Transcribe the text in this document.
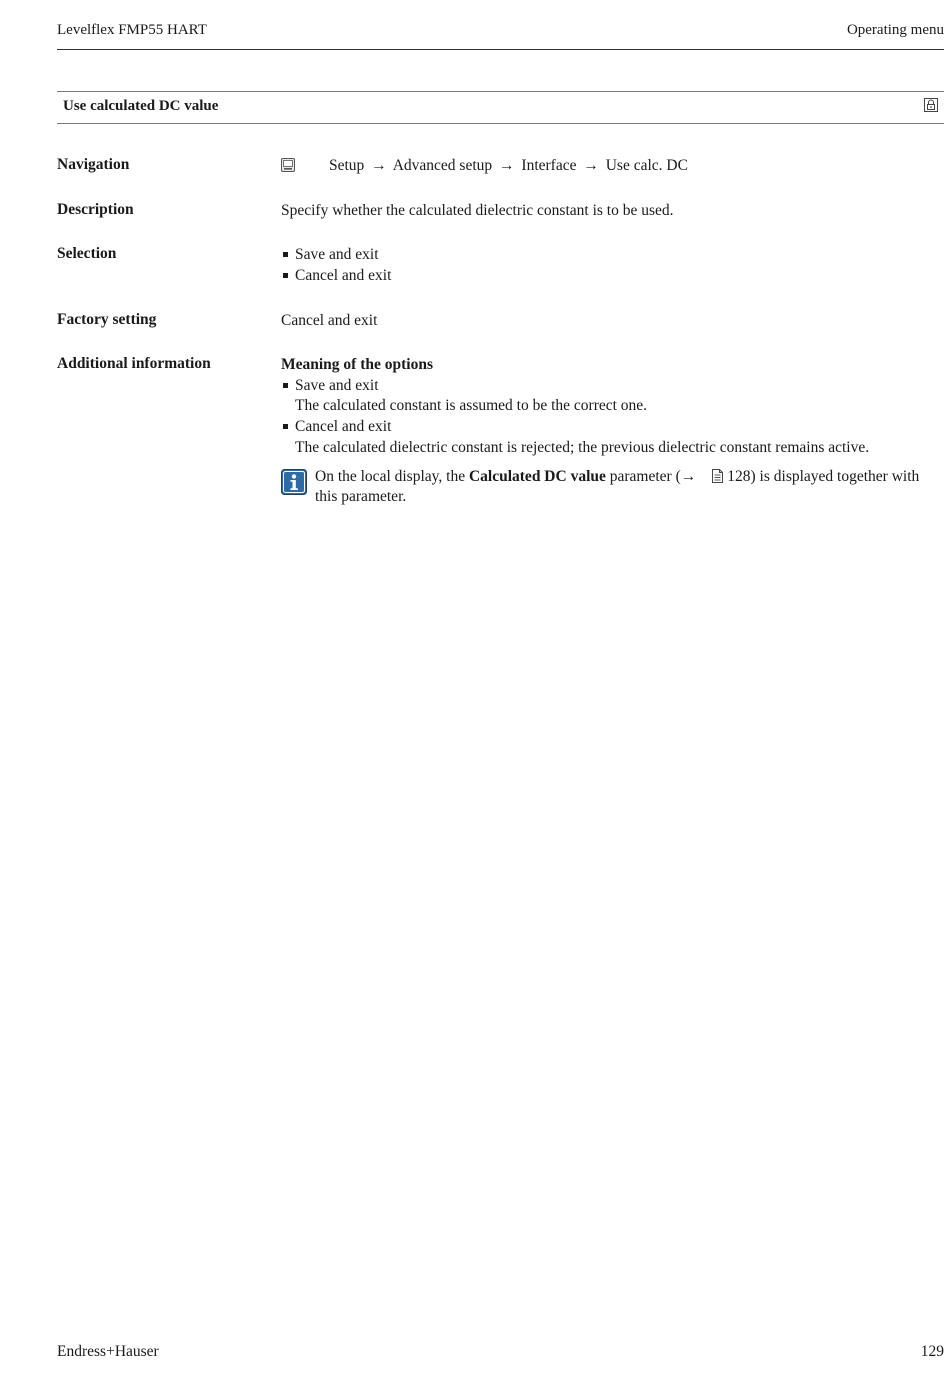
Levelflex FMP55 HART	Operating menu
Use calculated DC value
Navigation	Setup → Advanced setup → Interface → Use calc. DC
Description	Specify whether the calculated dielectric constant is to be used.
Selection	Save and exit
Cancel and exit
Factory setting	Cancel and exit
Additional information	Meaning of the options
Save and exit
The calculated constant is assumed to be the correct one.
Cancel and exit
The calculated dielectric constant is rejected; the previous dielectric constant remains active.
On the local display, the Calculated DC value parameter (→ 128) is displayed together with this parameter.
Endress+Hauser	129
